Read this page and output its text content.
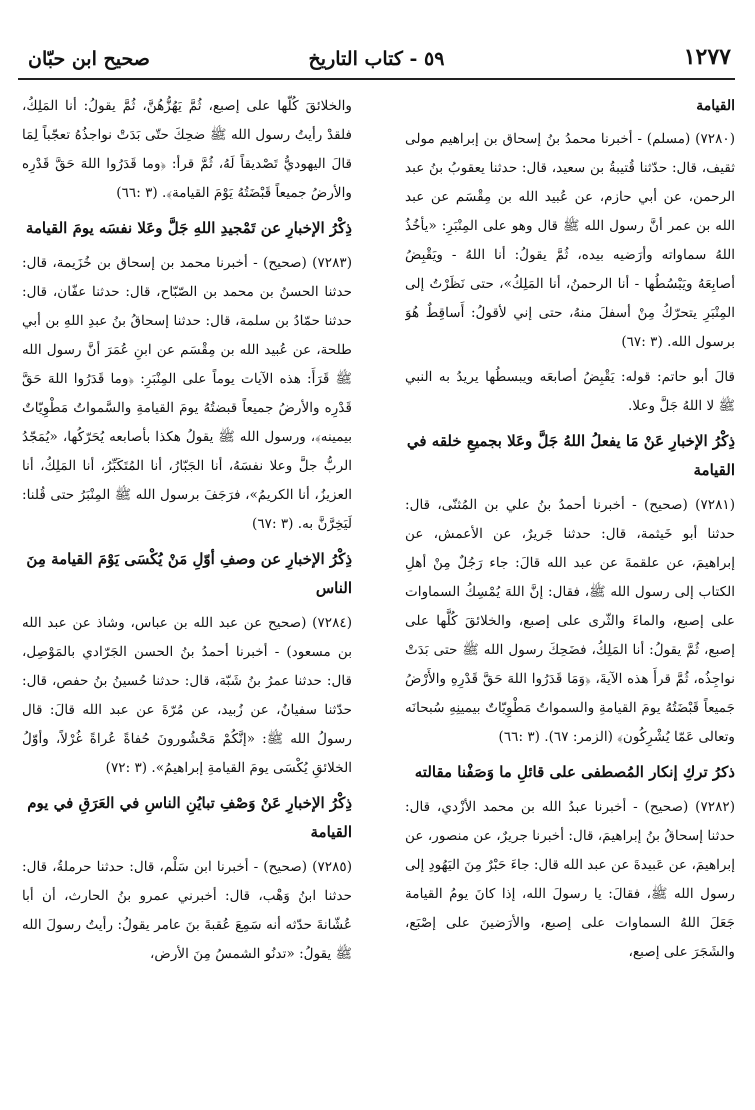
١٢٧٧
٥٩ - كتاب التاريخ
صحيح ابن حبّان

القيامة

(٧٢٨٠) (مسلم) - أخبرنا محمدُ بنُ إسحاق بن إبراهيم مولى ثقيف، قال: حدّثنا قُتيبةُ بن سعيد، قال: حدثنا يعقوبُ بنُ عبد الرحمن، عن أبي حازم، عن عُبيد الله بن مِقْسَم عن عبد الله بن عمر أنَّ رسول الله ﷺ قال وهو على المِنْبَرِ: «يأخُذُ اللهُ سماواته وأرَضيه بيده، ثُمَّ يقولُ: أنا اللهُ - ويَقْبِضُ أصابِعَهُ ويَبْسُطُها - أنا الرحمنُ، أنا المَلِكُ»، حتى نَظَرْتُ إلى المِنْبَرِ يتحرّكُ مِنْ أسفلَ منهُ، حتى إني لأقولُ: أَساقِطٌ هُوَ برسول الله. (٣ :٦٧)

قالَ أبو حاتم: قوله: يَقْبِضُ أصابعَه ويبسطُها يريدُ به النبي ﷺ لا اللهُ جَلَّ وعلا.

ذِكْرُ الإخبارِ عَنْ مَا يفعلُ اللهُ جَلَّ وعَلا بجميعِ خلقه في القيامة

(٧٢٨١) (صحيح) - أخبرنا أحمدُ بنُ علي بن المُثنّى، قال: حدثنا أبو خَيثمة، قال: حدثنا جَريرٌ، عن الأعمش، عن إبراهيمَ، عن علقمةَ عن عبد الله قالَ: جاء رَجُلٌ مِنْ أهلِ الكتاب إلى رسول الله ﷺ، فقال: إنَّ اللهَ يُمْسِكُ السماوات على إصبع، والماءَ والثّرى على إصبع، والخلائقَ كُلَّها على إصبع، ثُمَّ يقولُ: أنا المَلِكُ، فضَحِكَ رسول الله ﷺ حتى بَدَتْ نواجِذُه، ثُمَّ قرأَ هذه الآيةَ، ﴿وَمَا قَدَرُوا اللهَ حَقَّ قَدْرِهِ والأَرْضُ جَميعاً قَبْضَتُهُ يومَ القيامةِ والسمواتُ مَطْوِيّاتٌ بيمينِهِ سُبحانَه وتعالى عَمّا يُشْرِكُون﴾ (الزمر: ٦٧). (٣ :٦٦)

ذكرُ تركِ إنكار المُصطفى على قائلِ ما وَصَفْنا مقالته

(٧٢٨٢) (صحيح) - أخبرنا عبدُ الله بن محمد الأزْدي، قال: حدثنا إسحاقُ بنُ إبراهيمَ، قال: أخبرنا جريرٌ، عن منصور، عن إبراهيمَ، عن عَبيدةَ عن عبد الله قال: جاءَ حَبْرٌ مِنَ اليَهُودِ إلى رسول الله ﷺ، فقالَ: يا رسولَ الله، إذا كانَ يومُ القيامة جَعَلَ اللهُ السماوات على إصبع، والأرَضينَ على إصْبَع، والشَجَرَ على إصبع،

والخلائقَ كُلّها على إصبع، ثُمَّ يَهُزُّهُنَّ، ثُمَّ يقولُ: أنا المَلِكُ، فلقدْ رأيتُ رسول الله ﷺ ضحِكَ حتّى بَدَتْ نواجذُهُ تعجّباً لِمَا قالَ اليهوديُّ تَصْديقاً لَهُ، ثُمَّ قرأ: ﴿وما قَدَرُوا اللهَ حَقَّ قَدْرِه والأرضُ جميعاً قَبْضَتُهُ يَوْمَ القيامة﴾. (٣ :٦٦)

ذِكْرُ الإخبارِ عن تَمْجيدِ اللهِ جَلَّ وعَلا نفسَه يومَ القيامة

(٧٢٨٣) (صحيح) - أخبرنا محمد بن إسحاق بن خُزَيمة، قال: حدثنا الحسنُ بن محمد بن الصّبّاح، قال: حدثنا عفّان، قال: حدثنا حمّادُ بن سلمة، قال: حدثنا إسحاقُ بنُ عبدِ اللهِ بن أبي طلحة، عن عُبيد الله بن مِقْسَم عن ابنِ عُمَرَ أنَّ رسول الله ﷺ قَرَأَ: هذه الآيات يوماً على المِنْبَرِ: ﴿وما قَدَرُوا اللهَ حَقَّ قَدْرِه والأرضُ جميعاً قبضتُهُ يومَ القيامةِ والسَّمواتُ مَطْوِيّاتٌ بيمينه﴾، ورسول الله ﷺ يقولُ هكذا بأصابعه يُحَرّكُها، «يُمَجّدُ الربُّ جلَّ وعلا نفسَهُ، أنا الجَبّارُ، أنا المُتَكَبِّرُ، أنا المَلِكُ، أنا العزيزُ، أنا الكريمُ»، فرَجَفَ برسول الله ﷺ المِنْبَرُ حتى قُلنا: لَيَخِرَّنَّ به. (٣ :٦٧)

ذِكْرُ الإخبارِ عن وصفِ أوّلِ مَنْ يُكْسَى يَوْمَ القيامة مِنَ الناس

(٧٢٨٤) (صحيح عن عبد الله بن عباس، وشاذ عن عبد الله بن مسعود) - أخبرنا أحمدُ بنُ الحسن الجَرّادي بالمَوْصِل، قال: حدثنا عمرُ بنُ شَبّة، قال: حدثنا حُسينُ بنُ حفص، قال: حدّثنا سفيانُ، عن زُبيد، عن مُرّةَ عن عبد الله قالَ: قال رسولُ الله ﷺ: «إنَّكُمْ مَحْشُورونَ حُفاةً عُراةً غُرْلاً، وأوّلُ الخلائقِ يُكْسَى يومَ القيامةِ إبراهيمُ». (٣ :٧٢)

ذِكْرُ الإخبارِ عَنْ وَصْفِ تبايُنِ الناسِ في العَرَقِ في يوم القيامة

(٧٢٨٥) (صحيح) - أخبرنا ابن سَلْم، قال: حدثنا حرملةُ، قال: حدثنا ابنُ وَهْب، قال: أخبرني عمرو بنُ الحارث، أن أبا عُشّانةَ حدّثه أنه سَمِعَ عُقبةَ بنَ عامر يقولُ: رأيتُ رسولَ الله ﷺ يقولُ: «تدنُو الشمسُ مِنَ الأرض،
